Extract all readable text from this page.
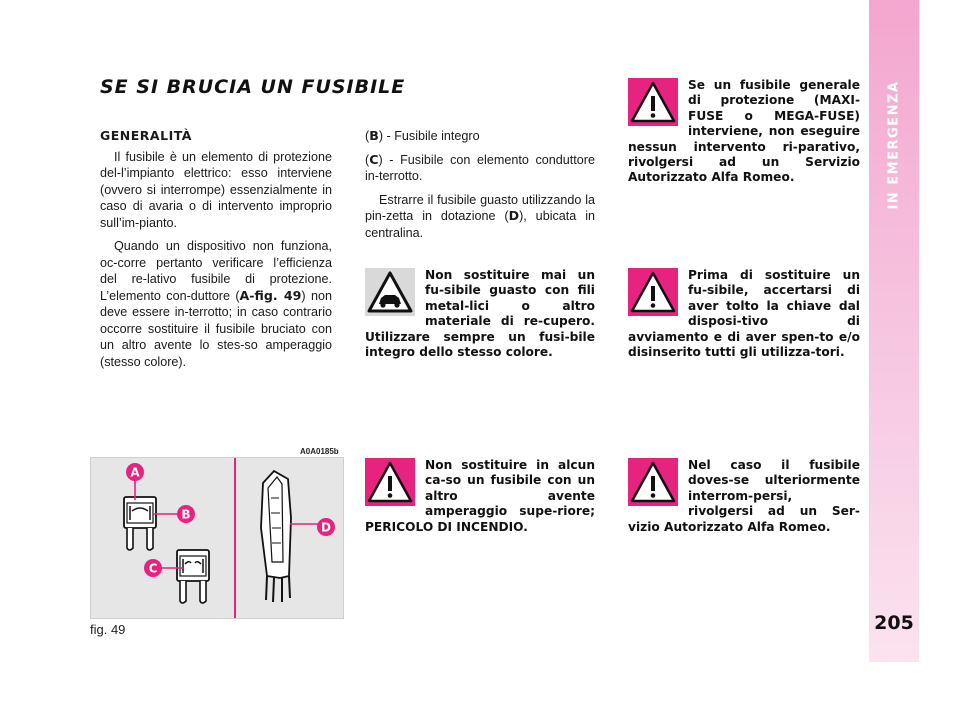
IN EMERGENZA
205
SE SI BRUCIA UN FUSIBILE
GENERALITÀ

Il fusibile è un elemento di protezione del-l’impianto elettrico: esso interviene (ovvero si interrompe) essenzialmente in caso di avaria o di intervento improprio sull’im-pianto.

Quando un dispositivo non funziona, oc-corre pertanto verificare l’efficienza del re-lativo fusibile di protezione. L’elemento con-duttore (A-fig. 49) non deve essere in-terrotto; in caso contrario occorre sostituire il fusibile bruciato con un altro avente lo stes-so amperaggio (stesso colore).

(B) - Fusibile integro

(C) - Fusibile con elemento conduttore in-terrotto.

Estrarre il fusibile guasto utilizzando la pin-zetta in dotazione (D), ubicata in centralina.

Non sostituire mai un fu-sibile guasto con fili metal-lici o altro materiale di re-cupero. Utilizzare sempre un fusi-bile integro dello stesso colore.

Non sostituire in alcun ca-so un fusibile con un altro avente amperaggio supe-riore; PERICOLO DI INCENDIO.

Se un fusibile generale di protezione (MAXI-FUSE o MEGA-FUSE) interviene, non eseguire nessun intervento ri-parativo, rivolgersi ad un Servizio Autorizzato Alfa Romeo.

Prima di sostituire un fu-sibile, accertarsi di aver tolto la chiave dal disposi-tivo di avviamento e di aver spen-to e/o disinserito tutti gli utilizza-tori.

Nel caso il fusibile doves-se ulteriormente interrom-persi, rivolgersi ad un Ser-vizio Autorizzato Alfa Romeo.

A0A0185b
A
B
C
D
fig. 49
